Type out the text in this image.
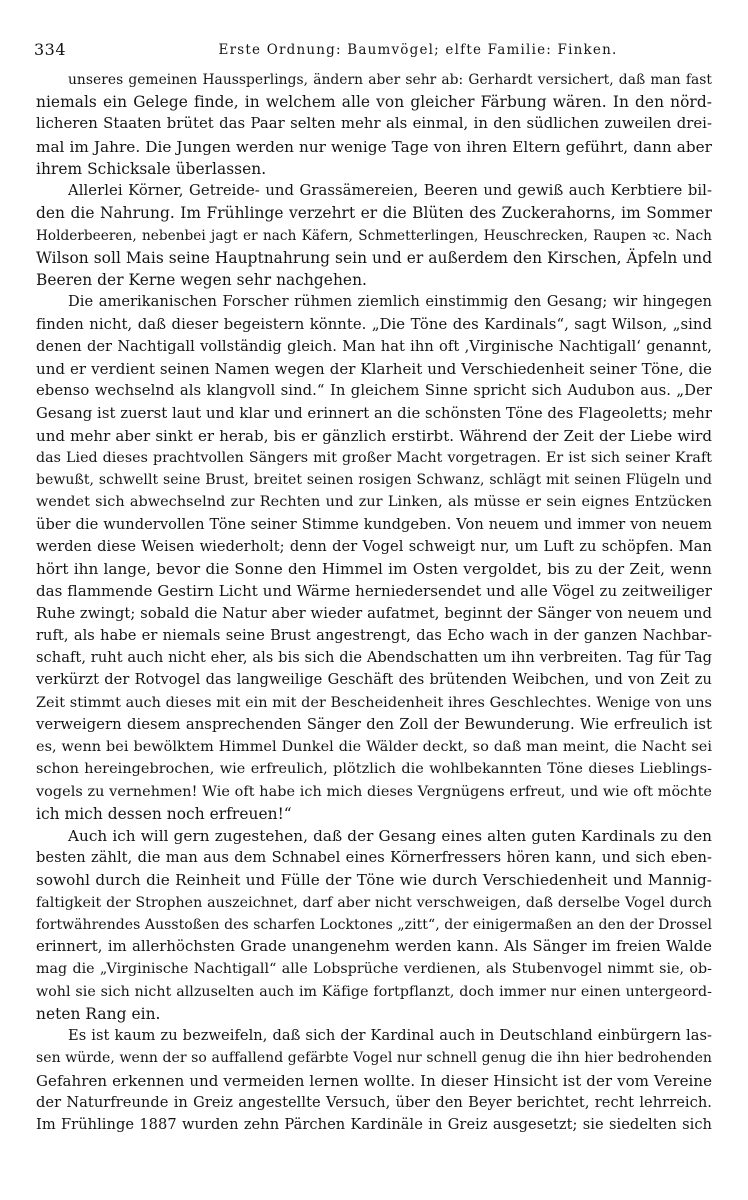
334	Erste Ordnung: Baumvögel; elfte Familie: Finken.
unseres gemeinen Haussperlings, ändern aber sehr ab: Gerhardt versichert, daß man fast
niemals ein Gelege finde, in welchem alle von gleicher Färbung wären. In den nörd-
licheren Staaten brütet das Paar selten mehr als einmal, in den südlichen zuweilen drei-
mal im Jahre. Die Jungen werden nur wenige Tage von ihren Eltern geführt, dann aber
ihrem Schicksale überlassen.
Allerlei Körner, Getreide- und Grassämereien, Beeren und gewiß auch Kerbtiere bil-
den die Nahrung. Im Frühlinge verzehrt er die Blüten des Zuckerahorns, im Sommer
Holderbeeren, nebenbei jagt er nach Käfern, Schmetterlingen, Heuschrecken, Raupen ꝛc. Nach
Wilson soll Mais seine Hauptnahrung sein und er außerdem den Kirschen, Äpfeln und
Beeren der Kerne wegen sehr nachgehen.
Die amerikanischen Forscher rühmen ziemlich einstimmig den Gesang; wir hingegen
finden nicht, daß dieser begeistern könnte. „Die Töne des Kardinals“, sagt Wilson, „sind
denen der Nachtigall vollständig gleich. Man hat ihn oft ‚Virginische Nachtigall‘ genannt,
und er verdient seinen Namen wegen der Klarheit und Verschiedenheit seiner Töne, die
ebenso wechselnd als klangvoll sind.“ In gleichem Sinne spricht sich Audubon aus. „Der
Gesang ist zuerst laut und klar und erinnert an die schönsten Töne des Flageoletts; mehr
und mehr aber sinkt er herab, bis er gänzlich erstirbt. Während der Zeit der Liebe wird
das Lied dieses prachtvollen Sängers mit großer Macht vorgetragen. Er ist sich seiner Kraft
bewußt, schwellt seine Brust, breitet seinen rosigen Schwanz, schlägt mit seinen Flügeln und
wendet sich abwechselnd zur Rechten und zur Linken, als müsse er sein eignes Entzücken
über die wundervollen Töne seiner Stimme kundgeben. Von neuem und immer von neuem
werden diese Weisen wiederholt; denn der Vogel schweigt nur, um Luft zu schöpfen. Man
hört ihn lange, bevor die Sonne den Himmel im Osten vergoldet, bis zu der Zeit, wenn
das flammende Gestirn Licht und Wärme herniedersendet und alle Vögel zu zeitweiliger
Ruhe zwingt; sobald die Natur aber wieder aufatmet, beginnt der Sänger von neuem und
ruft, als habe er niemals seine Brust angestrengt, das Echo wach in der ganzen Nachbar-
schaft, ruht auch nicht eher, als bis sich die Abendschatten um ihn verbreiten. Tag für Tag
verkürzt der Rotvogel das langweilige Geschäft des brütenden Weibchen, und von Zeit zu
Zeit stimmt auch dieses mit ein mit der Bescheidenheit ihres Geschlechtes. Wenige von uns
verweigern diesem ansprechenden Sänger den Zoll der Bewunderung. Wie erfreulich ist
es, wenn bei bewölktem Himmel Dunkel die Wälder deckt, so daß man meint, die Nacht sei
schon hereingebrochen, wie erfreulich, plötzlich die wohlbekannten Töne dieses Lieblings-
vogels zu vernehmen! Wie oft habe ich mich dieses Vergnügens erfreut, und wie oft möchte
ich mich dessen noch erfreuen!“
Auch ich will gern zugestehen, daß der Gesang eines alten guten Kardinals zu den
besten zählt, die man aus dem Schnabel eines Körnerfressers hören kann, und sich eben-
sowohl durch die Reinheit und Fülle der Töne wie durch Verschiedenheit und Mannig-
faltigkeit der Strophen auszeichnet, darf aber nicht verschweigen, daß derselbe Vogel durch
fortwährendes Ausstoßen des scharfen Locktones „zitt“, der einigermaßen an den der Drossel
erinnert, im allerhöchsten Grade unangenehm werden kann. Als Sänger im freien Walde
mag die „Virginische Nachtigall“ alle Lobsprüche verdienen, als Stubenvogel nimmt sie, ob-
wohl sie sich nicht allzuselten auch im Käfige fortpflanzt, doch immer nur einen untergeord-
neten Rang ein.
Es ist kaum zu bezweifeln, daß sich der Kardinal auch in Deutschland einbürgern las-
sen würde, wenn der so auffallend gefärbte Vogel nur schnell genug die ihn hier bedrohenden
Gefahren erkennen und vermeiden lernen wollte. In dieser Hinsicht ist der vom Vereine
der Naturfreunde in Greiz angestellte Versuch, über den Beyer berichtet, recht lehrreich.
Im Frühlinge 1887 wurden zehn Pärchen Kardinäle in Greiz ausgesetzt; sie siedelten sich
